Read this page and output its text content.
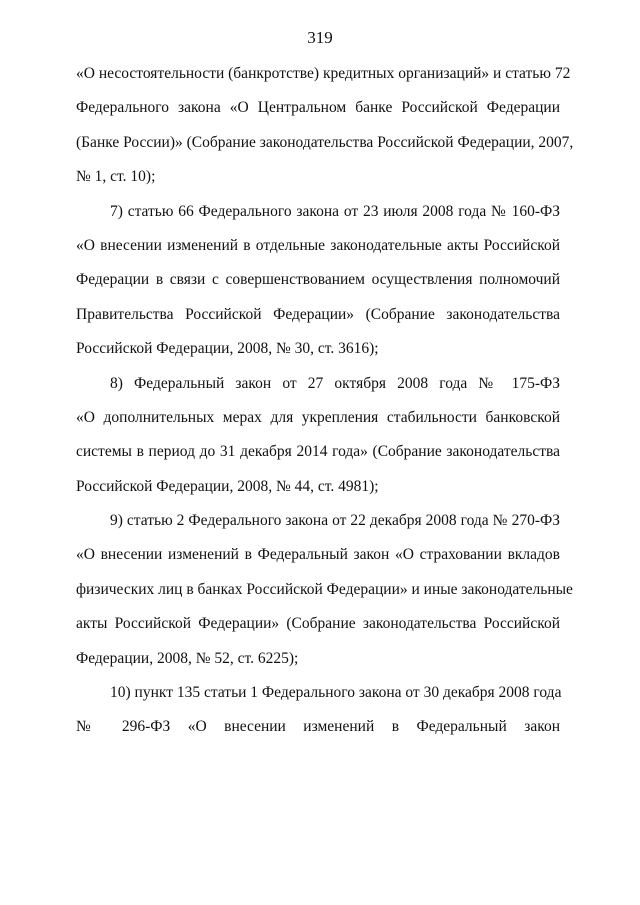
319
«О несостоятельности (банкротстве) кредитных организаций» и статью 72
Федерального закона «О Центральном банке Российской Федерации
(Банке России)» (Собрание законодательства Российской Федерации, 2007,
№ 1, ст. 10);
7) статью 66 Федерального закона от 23 июля 2008 года № 160-ФЗ
«О внесении изменений в отдельные законодательные акты Российской
Федерации в связи с совершенствованием осуществления полномочий
Правительства Российской Федерации» (Собрание законодательства
Российской Федерации, 2008, № 30, ст. 3616);
8) Федеральный закон от 27 октября 2008 года № 175-ФЗ
«О дополнительных мерах для укрепления стабильности банковской
системы в период до 31 декабря 2014 года» (Собрание законодательства
Российской Федерации, 2008, № 44, ст. 4981);
9) статью 2 Федерального закона от 22 декабря 2008 года № 270-ФЗ
«О внесении изменений в Федеральный закон «О страховании вкладов
физических лиц в банках Российской Федерации» и иные законодательные
акты Российской Федерации» (Собрание законодательства Российской
Федерации, 2008, № 52, ст. 6225);
10) пункт 135 статьи 1 Федерального закона от 30 декабря 2008 года
№ 296-ФЗ «О внесении изменений в Федеральный закон
